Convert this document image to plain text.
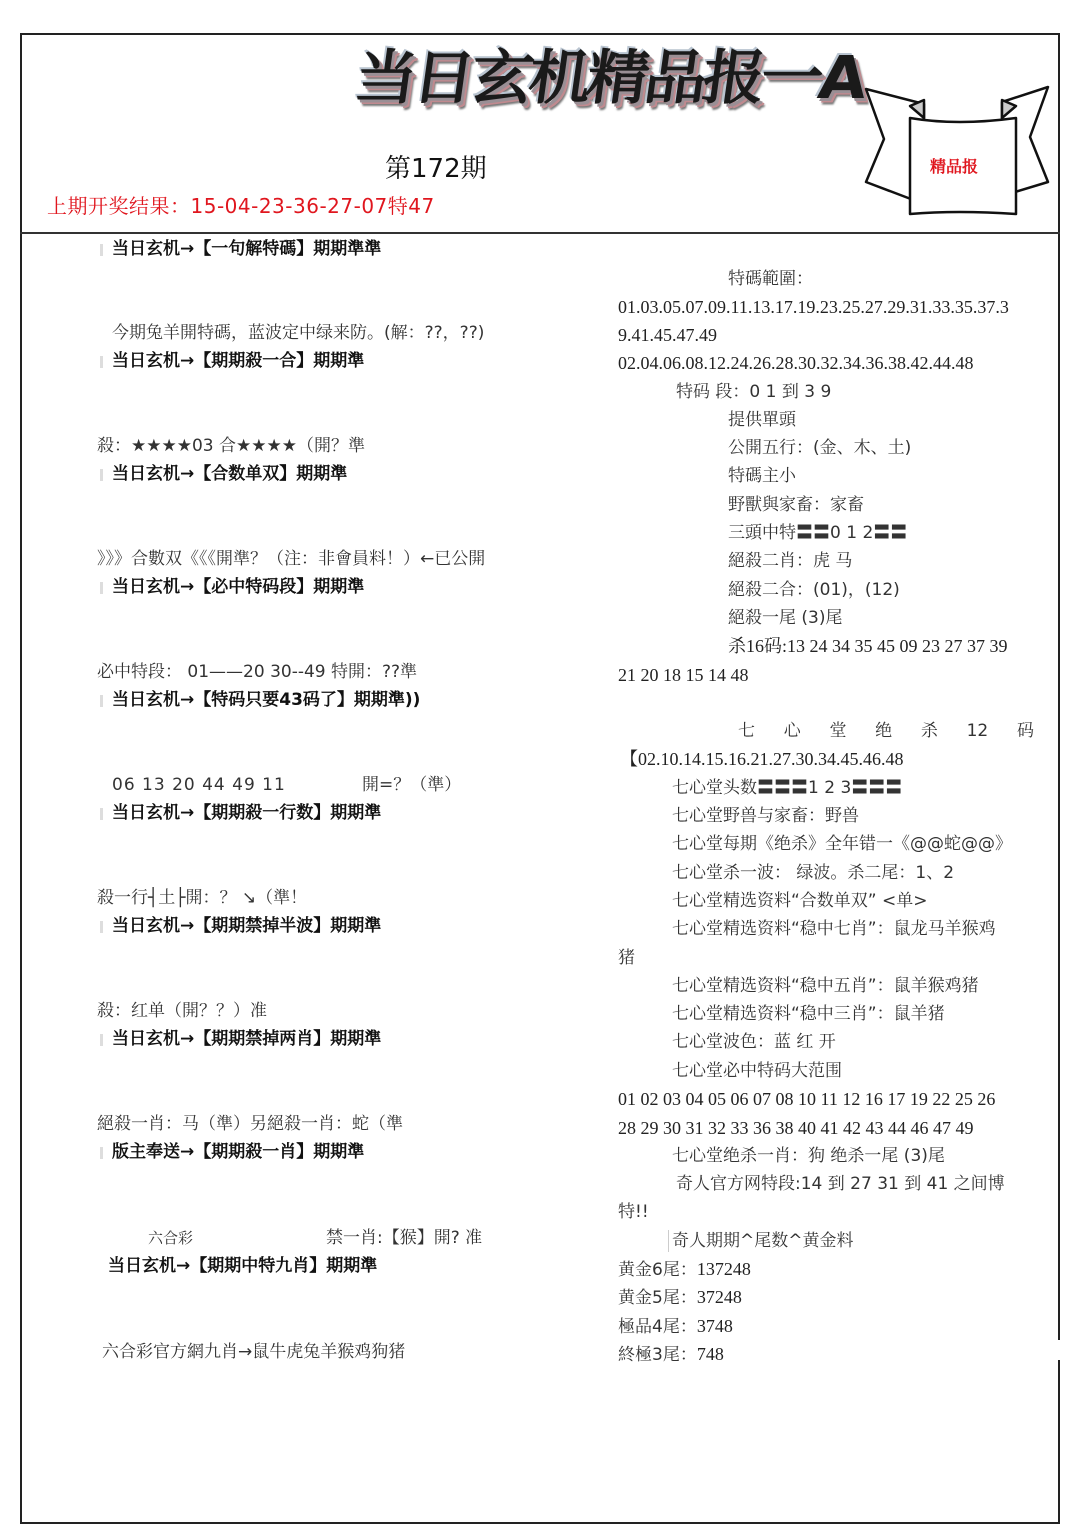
当日玄机精品报一A
第172期
上期开奖结果：15-04-23-36-27-07特47
精品报
当日玄机→【一句解特碼】期期準準
今期兔羊開特碼，蓝波定中绿来防。(解：??，??)
当日玄机→【期期殺一合】期期準
殺：★★★★03 合★★★★（開？準
当日玄机→【合数单双】期期準
》》》合數双《《《開準？（注：非會員料！）←已公開
当日玄机→【必中特码段】期期準
必中特段： 01——20 30--49 特開：??準
当日玄机→【特码只要43码了】期期準))
06 13 20 44 49 11	開=？（準）
当日玄机→【期期殺一行数】期期準
殺一行┤土├開：？ ↘（準！
当日玄机→【期期禁掉半波】期期準
殺：红单（開？？）准
当日玄机→【期期禁掉两肖】期期準
絕殺一肖：马（準）另絕殺一肖：蛇（準
版主奉送→【期期殺一肖】期期準
六合彩	禁一肖:【猴】開? 准
当日玄机→【期期中特九肖】期期準
六合彩官方網九肖→鼠牛虎兔羊猴鸡狗猪
特碼範圍：
01.03.05.07.09.11.13.17.19.23.25.27.29.31.33.35.37.3
9.41.45.47.49
02.04.06.08.12.24.26.28.30.32.34.36.38.42.44.48
特码 段：0 1 到 3 9
提供單頭
公開五行：(金、木、土)
特碼主小
野獸與家畜：家畜
三頭中特〓〓0 1 2〓〓
絕殺二肖：虎 马
絕殺二合：(01)，(12)
絕殺一尾 (3)尾
杀16码:13 24 34 35 45 09 23 27 37 39
21 20 18 15 14 48
七 心 堂 绝 杀 12 码
【02.10.14.15.16.21.27.30.34.45.46.48
七心堂头数〓〓〓1 2 3〓〓〓
七心堂野兽与家畜：野兽
七心堂每期《绝杀》全年错一《@@蛇@@》
七心堂杀一波： 绿波。杀二尾：1、2
七心堂精选资料“合数单双” <单>
七心堂精选资料“稳中七肖”：鼠龙马羊猴鸡
猪
七心堂精选资料“稳中五肖”：鼠羊猴鸡猪
七心堂精选资料“稳中三肖”：鼠羊猪
七心堂波色：蓝 红 开
七心堂必中特码大范围
01 02 03 04 05 06 07 08 10 11 12 16 17 19 22 25 26
28 29 30 31 32 33 36 38 40 41 42 43 44 46 47 49
七心堂绝杀一肖：狗 绝杀一尾 (3)尾
奇人官方网特段:14 到 27 31 到 41 之间博
特!!
奇人期期^尾数^黄金料
黄金6尾：137248
黄金5尾：37248
極品4尾：3748
終極3尾：748
